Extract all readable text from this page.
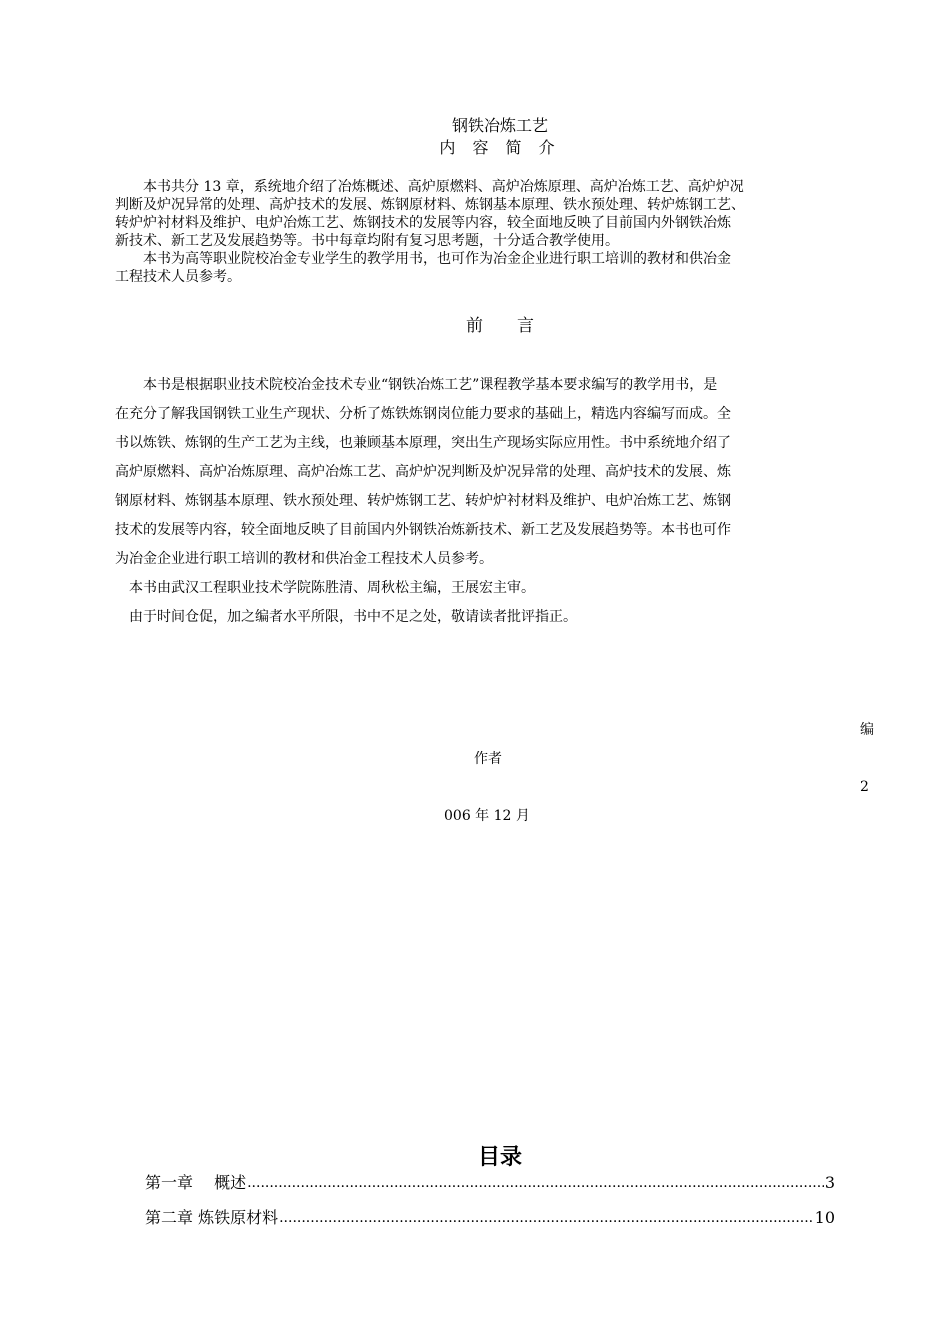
钢铁冶炼工艺
内 容 简 介

　　本书共分 13 章，系统地介绍了冶炼概述、高炉原燃料、高炉冶炼原理、高炉冶炼工艺、高炉炉况

判断及炉况异常的处理、高炉技术的发展、炼钢原材料、炼钢基本原理、铁水预处理、转炉炼钢工艺、

转炉炉衬材料及维护、电炉冶炼工艺、炼钢技术的发展等内容，较全面地反映了目前国内外钢铁冶炼

新技术、新工艺及发展趋势等。书中每章均附有复习思考题，十分适合教学使用。

　　本书为高等职业院校冶金专业学生的教学用书，也可作为冶金企业进行职工培训的教材和供冶金

工程技术人员参考。

前　　言

　　本书是根据职业技术院校冶金技术专业“钢铁冶炼工艺”课程教学基本要求编写的教学用书，是

在充分了解我国钢铁工业生产现状、分析了炼铁炼钢岗位能力要求的基础上，精选内容编写而成。全

书以炼铁、炼钢的生产工艺为主线，也兼顾基本原理，突出生产现场实际应用性。书中系统地介绍了

高炉原燃料、高炉冶炼原理、高炉冶炼工艺、高炉炉况判断及炉况异常的处理、高炉技术的发展、炼

钢原材料、炼钢基本原理、铁水预处理、转炉炼钢工艺、转炉炉衬材料及维护、电炉冶炼工艺、炼钢

技术的发展等内容，较全面地反映了目前国内外钢铁冶炼新技术、新工艺及发展趋势等。本书也可作

为冶金企业进行职工培训的教材和供冶金工程技术人员参考。

　本书由武汉工程职业技术学院陈胜清、周秋松主编，王展宏主审。

　由于时间仓促，加之编者水平所限，书中不足之处，敬请读者批评指正。

编
作者
2
006 年 12 月
目录
第一章　 概述 .....	3
第二章 炼铁原材料 .....	10
